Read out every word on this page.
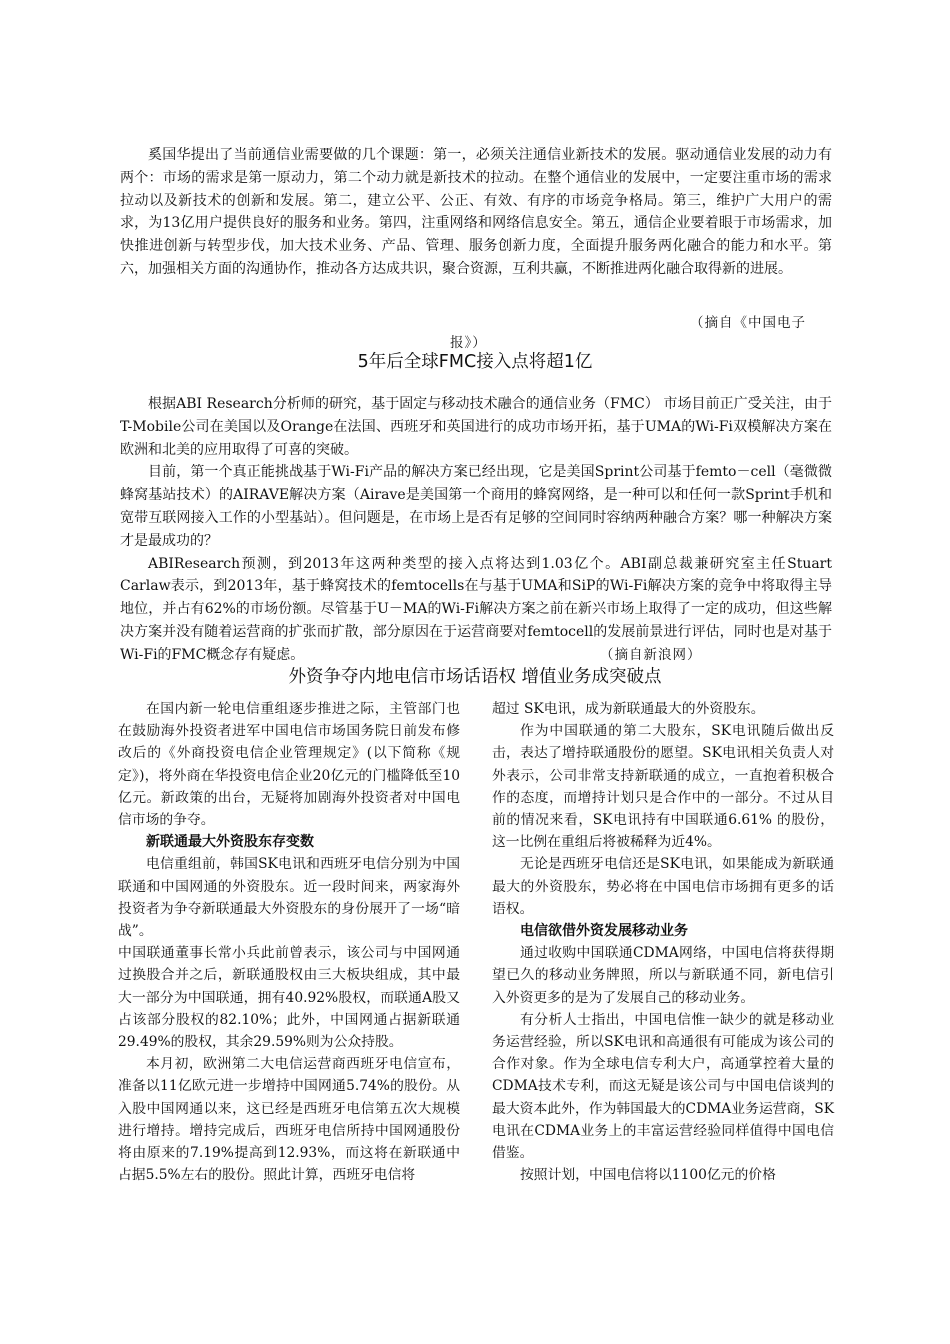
奚国华提出了当前通信业需要做的几个课题：第一，必须关注通信业新技术的发展。驱动通信业发展的动力有两个：市场的需求是第一原动力，第二个动力就是新技术的拉动。在整个通信业的发展中，一定要注重市场的需求拉动以及新技术的创新和发展。第二，建立公平、公正、有效、有序的市场竞争格局。第三，维护广大用户的需求，为13亿用户提供良好的服务和业务。第四，注重网络和网络信息安全。第五，通信企业要着眼于市场需求，加快推进创新与转型步伐，加大技术业务、产品、管理、服务创新力度，全面提升服务两化融合的能力和水平。第六，加强相关方面的沟通协作，推动各方达成共识，聚合资源，互利共赢，不断推进两化融合取得新的进展。

（摘自《中国电子
报》）
5年后全球FMC接入点将超1亿

根据ABI Research分析师的研究，基于固定与移动技术融合的通信业务（FMC） 市场目前正广受关注，由于T-Mobile公司在美国以及Orange在法国、西班牙和英国进行的成功市场开拓，基于UMA的Wi-Fi双模解决方案在欧洲和北美的应用取得了可喜的突破。

目前，第一个真正能挑战基于Wi-Fi产品的解决方案已经出现，它是美国Sprint公司基于femto－cell（毫微微蜂窝基站技术）的AIRAVE解决方案（Airave是美国第一个商用的蜂窝网络，是一种可以和任何一款Sprint手机和宽带互联网接入工作的小型基站）。但问题是，在市场上是否有足够的空间同时容纳两种融合方案？哪一种解决方案才是最成功的？

ABIResearch预测，到2013年这两种类型的接入点将达到1.03亿个。ABI副总裁兼研究室主任Stuart Carlaw表示，到2013年，基于蜂窝技术的femtocells在与基于UMA和SiP的Wi-Fi解决方案的竞争中将取得主导地位，并占有62%的市场份额。尽管基于U－MA的Wi-Fi解决方案之前在新兴市场上取得了一定的成功，但这些解决方案并没有随着运营商的扩张而扩散，部分原因在于运营商要对femtocell的发展前景进行评估，同时也是对基于Wi-Fi的FMC概念存有疑虑。	（摘自新浪网）
外资争夺内地电信市场话语权 增值业务成突破点

在国内新一轮电信重组逐步推进之际，主管部门也在鼓励海外投资者进军中国电信市场国务院日前发布修改后的《外商投资电信企业管理规定》(以下简称《规定》)，将外商在华投资电信企业20亿元的门槛降低至10亿元。新政策的出台，无疑将加剧海外投资者对中国电信市场的争夺。

新联通最大外资股东存变数

电信重组前，韩国SK电讯和西班牙电信分别为中国联通和中国网通的外资股东。近一段时间来，两家海外投资者为争夺新联通最大外资股东的身份展开了一场“暗战”。

中国联通董事长常小兵此前曾表示，该公司与中国网通过换股合并之后，新联通股权由三大板块组成，其中最大一部分为中国联通，拥有40.92%股权，而联通A股又占该部分股权的82.10%；此外，中国网通占据新联通29.49%的股权，其余29.59%则为公众持股。

本月初，欧洲第二大电信运营商西班牙电信宣布，准备以11亿欧元进一步增持中国网通5.74%的股份。从入股中国网通以来，这已经是西班牙电信第五次大规模进行增持。增持完成后，西班牙电信所持中国网通股份将由原来的7.19%提高到12.93%，而这将在新联通中占据5.5%左右的股份。照此计算，西班牙电信将

超过 SK电讯，成为新联通最大的外资股东。

作为中国联通的第二大股东，SK电讯随后做出反击，表达了增持联通股份的愿望。SK电讯相关负责人对外表示，公司非常支持新联通的成立，一直抱着积极合作的态度，而增持计划只是合作中的一部分。不过从目前的情况来看，SK电讯持有中国联通6.61% 的股份，这一比例在重组后将被稀释为近4%。

无论是西班牙电信还是SK电讯，如果能成为新联通最大的外资股东，势必将在中国电信市场拥有更多的话语权。

电信欲借外资发展移动业务

通过收购中国联通CDMA网络，中国电信将获得期望已久的移动业务牌照，所以与新联通不同，新电信引入外资更多的是为了发展自己的移动业务。

有分析人士指出，中国电信惟一缺少的就是移动业务运营经验，所以SK电讯和高通很有可能成为该公司的合作对象。作为全球电信专利大户，高通掌控着大量的 CDMA技术专利，而这无疑是该公司与中国电信谈判的最大资本此外，作为韩国最大的CDMA业务运营商，SK电讯在CDMA业务上的丰富运营经验同样值得中国电信借鉴。

按照计划，中国电信将以1100亿元的价格
